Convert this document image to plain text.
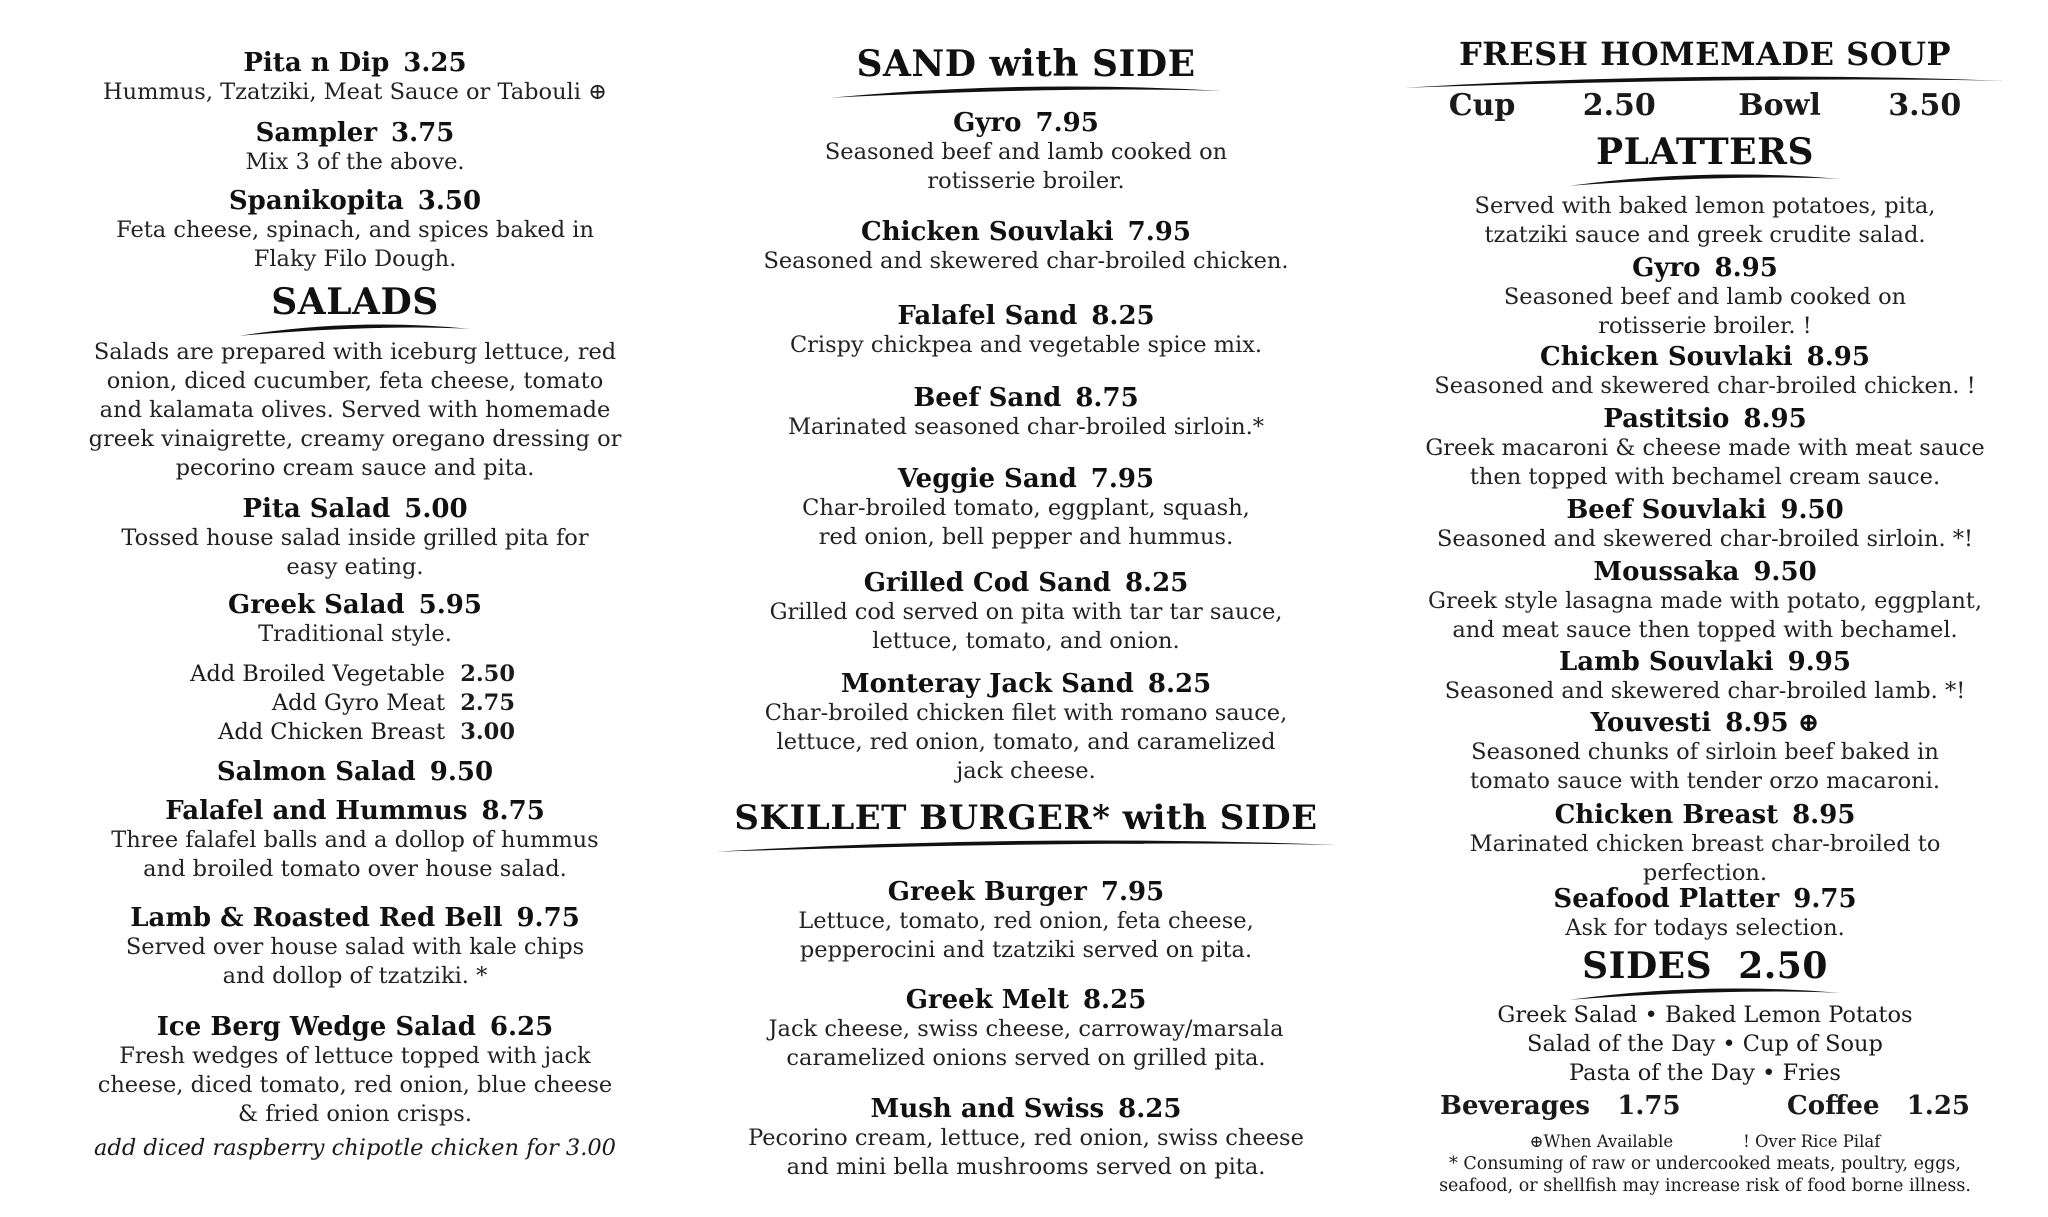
Pita n Dip 3.25
Hummus, Tzatziki, Meat Sauce or Tabouli ⊕
Sampler 3.75
Mix 3 of the above.
Spanikopita 3.50
Feta cheese, spinach, and spices baked in
Flaky Filo Dough.
SALADS
Salads are prepared with iceburg lettuce, red
onion, diced cucumber, feta cheese, tomato
and kalamata olives. Served with homemade
greek vinaigrette, creamy oregano dressing or
pecorino cream sauce and pita.
Pita Salad 5.00
Tossed house salad inside grilled pita for
easy eating.
Greek Salad 5.95
Traditional style.
Add Broiled Vegetable 2.50
Add Gyro Meat 2.75
Add Chicken Breast 3.00
Salmon Salad 9.50
Falafel and Hummus 8.75
Three falafel balls and a dollop of hummus
and broiled tomato over house salad.
Lamb & Roasted Red Bell 9.75
Served over house salad with kale chips
and dollop of tzatziki. *
Ice Berg Wedge Salad 6.25
Fresh wedges of lettuce topped with jack
cheese, diced tomato, red onion, blue cheese
& fried onion crisps.
add diced raspberry chipotle chicken for 3.00
SAND with SIDE
Gyro 7.95
Seasoned beef and lamb cooked on
rotisserie broiler.
Chicken Souvlaki 7.95
Seasoned and skewered char-broiled chicken.
Falafel Sand 8.25
Crispy chickpea and vegetable spice mix.
Beef Sand 8.75
Marinated seasoned char-broiled sirloin.*
Veggie Sand 7.95
Char-broiled tomato, eggplant, squash,
red onion, bell pepper and hummus.
Grilled Cod Sand 8.25
Grilled cod served on pita with tar tar sauce,
lettuce, tomato, and onion.
Monteray Jack Sand 8.25
Char-broiled chicken filet with romano sauce,
lettuce, red onion, tomato, and caramelized
jack cheese.
SKILLET BURGER* with SIDE
Greek Burger 7.95
Lettuce, tomato, red onion, feta cheese,
pepperocini and tzatziki served on pita.
Greek Melt 8.25
Jack cheese, swiss cheese, carroway/marsala
caramelized onions served on grilled pita.
Mush and Swiss 8.25
Pecorino cream, lettuce, red onion, swiss cheese
and mini bella mushrooms served on pita.
FRESH HOMEMADE SOUP
Cup 2.50	Bowl 3.50
PLATTERS
Served with baked lemon potatoes, pita,
tzatziki sauce and greek crudite salad.
Gyro 8.95
Seasoned beef and lamb cooked on
rotisserie broiler. !
Chicken Souvlaki 8.95
Seasoned and skewered char-broiled chicken. !
Pastitsio 8.95
Greek macaroni & cheese made with meat sauce
then topped with bechamel cream sauce.
Beef Souvlaki 9.50
Seasoned and skewered char-broiled sirloin. *!
Moussaka 9.50
Greek style lasagna made with potato, eggplant,
and meat sauce then topped with bechamel.
Lamb Souvlaki 9.95
Seasoned and skewered char-broiled lamb. *!
Youvesti 8.95 ⊕
Seasoned chunks of sirloin beef baked in
tomato sauce with tender orzo macaroni.
Chicken Breast 8.95
Marinated chicken breast char-broiled to
perfection.
Seafood Platter 9.75
Ask for todays selection.
SIDES 2.50
Greek Salad • Baked Lemon Potatos
Salad of the Day • Cup of Soup
Pasta of the Day • Fries
Beverages 1.75	Coffee 1.25
⊕When Available	! Over Rice Pilaf
* Consuming of raw or undercooked meats, poultry, eggs,
seafood, or shellfish may increase risk of food borne illness.
